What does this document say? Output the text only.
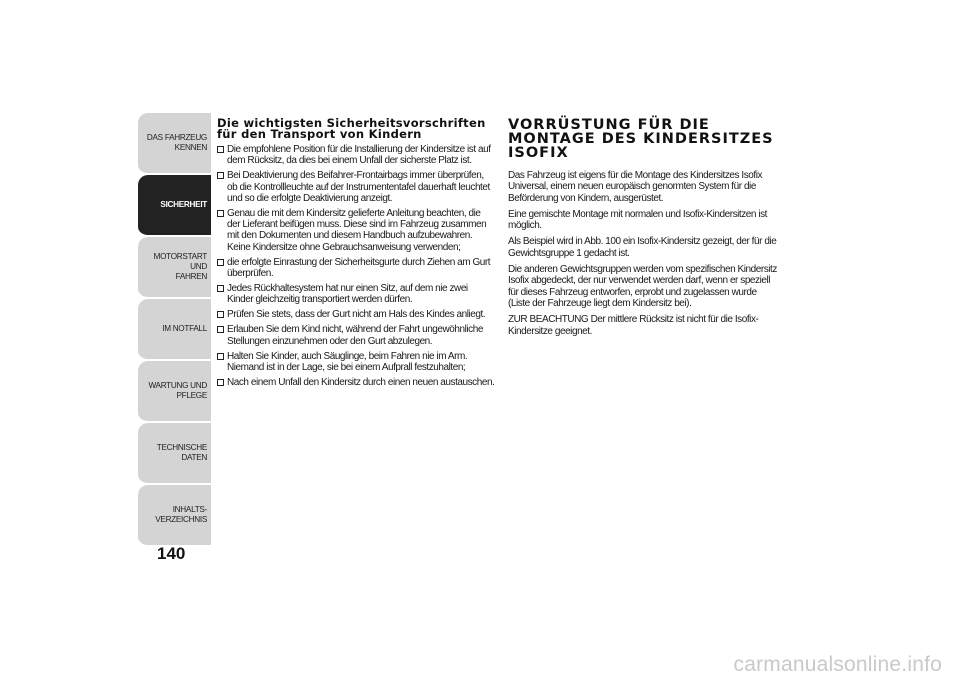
DAS FAHRZEUG
KENNEN
SICHERHEIT
MOTORSTART UND
FAHREN
IM NOTFALL
WARTUNG UND
PFLEGE
TECHNISCHE DATEN
INHALTS-
VERZEICHNIS
140
Die wichtigsten Sicherheitsvorschriften für den Transport von Kindern
Die empfohlene Position für die Installierung der Kindersitze ist auf dem Rücksitz, da dies bei einem Unfall der sicherste Platz ist.
Bei Deaktivierung des Beifahrer-Frontairbags immer überprüfen, ob die Kontrollleuchte auf der Instrumententafel dauerhaft leuchtet und so die erfolgte Deaktivierung anzeigt.
Genau die mit dem Kindersitz gelieferte Anleitung beachten, die der Lieferant beifügen muss. Diese sind im Fahrzeug zusammen mit den Dokumenten und diesem Handbuch aufzubewahren. Keine Kindersitze ohne Gebrauchsanweisung verwenden;
die erfolgte Einrastung der Sicherheitsgurte durch Ziehen am Gurt überprüfen.
Jedes Rückhaltesystem hat nur einen Sitz, auf dem nie zwei Kinder gleichzeitig transportiert werden dürfen.
Prüfen Sie stets, dass der Gurt nicht am Hals des Kindes anliegt.
Erlauben Sie dem Kind nicht, während der Fahrt ungewöhnliche Stellungen einzunehmen oder den Gurt abzulegen.
Halten Sie Kinder, auch Säuglinge, beim Fahren nie im Arm. Niemand ist in der Lage, sie bei einem Aufprall festzuhalten;
Nach einem Unfall den Kindersitz durch einen neuen austauschen.
VORRÜSTUNG FÜR DIE MONTAGE DES KINDERSITZES ISOFIX

Das Fahrzeug ist eigens für die Montage des Kindersitzes Isofix Universal, einem neuen europäisch genormten System für die Beförderung von Kindern, ausgerüstet.

Eine gemischte Montage mit normalen und Isofix-Kindersitzen ist möglich.

Als Beispiel wird in Abb. 100 ein Isofix-Kindersitz gezeigt, der für die Gewichtsgruppe 1 gedacht ist.

Die anderen Gewichtsgruppen werden vom spezifischen Kindersitz Isofix abgedeckt, der nur verwendet werden darf, wenn er speziell für dieses Fahrzeug entworfen, erprobt und zugelassen wurde (Liste der Fahrzeuge liegt dem Kindersitz bei).

ZUR BEACHTUNG Der mittlere Rücksitz ist nicht für die Isofix-Kindersitze geeignet.

carmanualsonline.info
